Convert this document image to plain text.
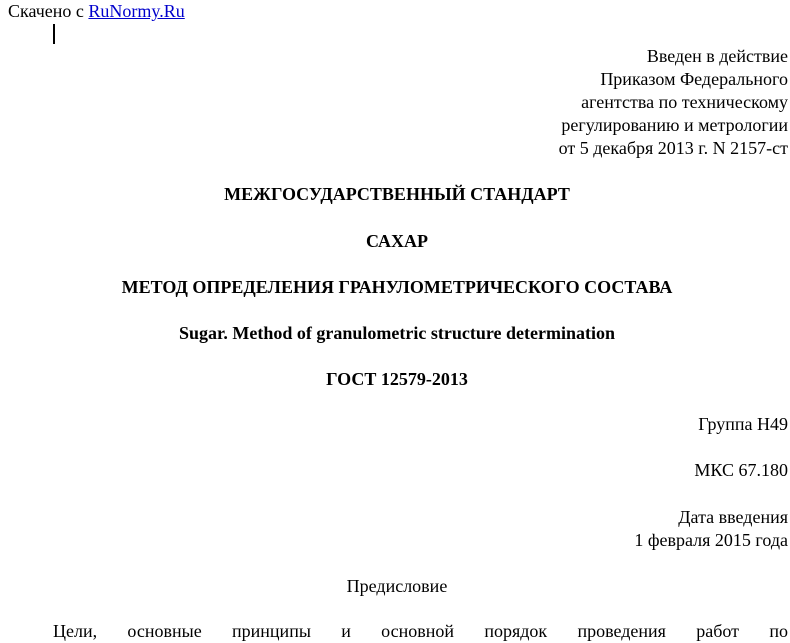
Скачено с RuNormy.Ru
Введен в действие
Приказом Федерального
агентства по техническому
регулированию и метрологии
от 5 декабря 2013 г. N 2157-ст
МЕЖГОСУДАРСТВЕННЫЙ СТАНДАРТ
САХАР
МЕТОД ОПРЕДЕЛЕНИЯ ГРАНУЛОМЕТРИЧЕСКОГО СОСТАВА
Sugar. Method of granulometric structure determination
ГОСТ 12579-2013
Группа Н49
МКС 67.180
Дата введения
1 февраля 2015 года
Предисловие
Цели, основные принципы и основной порядок проведения работ по
